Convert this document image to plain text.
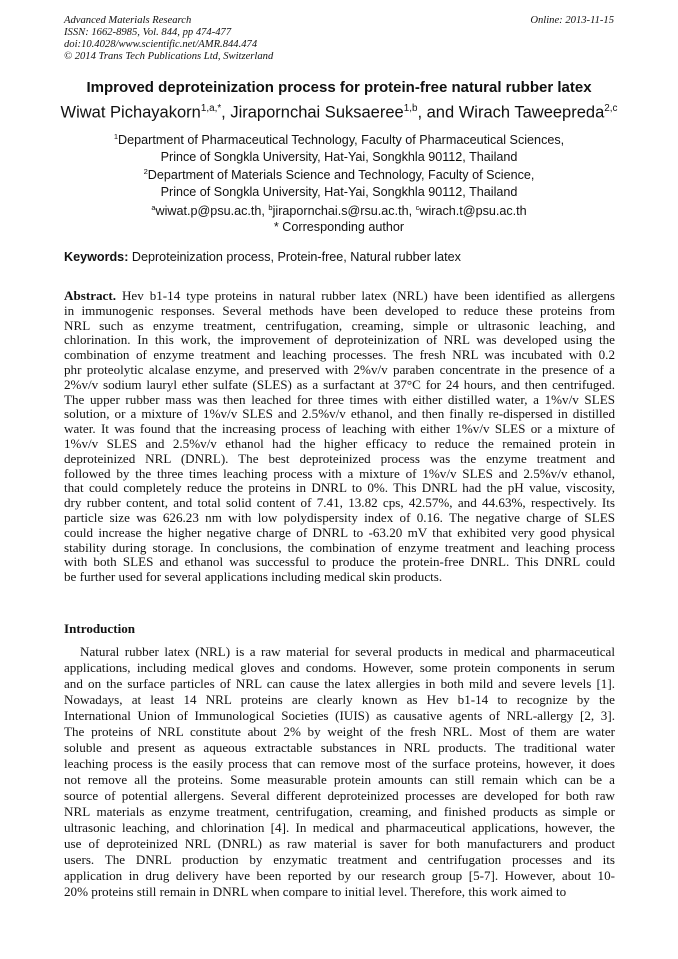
Advanced Materials Research
ISSN: 1662-8985, Vol. 844, pp 474-477
doi:10.4028/www.scientific.net/AMR.844.474
© 2014 Trans Tech Publications Ltd, Switzerland
Online: 2013-11-15
Improved deproteinization process for protein-free natural rubber latex
Wiwat Pichayakorn$^{1,a,*}$, Jirapornchai Suksaeree$^{1,b}$, and Wirach Taweepreda$^{2,c}$
$^1$Department of Pharmaceutical Technology, Faculty of Pharmaceutical Sciences,
Prince of Songkla University, Hat-Yai, Songkhla 90112, Thailand
$^2$Department of Materials Science and Technology, Faculty of Science,
Prince of Songkla University, Hat-Yai, Songkhla 90112, Thailand
$^a$wiwat.p@psu.ac.th, $^b$jirapornchai.s@rsu.ac.th, $^c$wirach.t@psu.ac.th
* Corresponding author
Keywords: Deproteinization process, Protein-free, Natural rubber latex
Abstract. Hev b1-14 type proteins in natural rubber latex (NRL) have been identified as allergens
in immunogenic responses. Several methods have been developed to reduce these proteins from
NRL such as enzyme treatment, centrifugation, creaming, simple or ultrasonic leaching, and
chlorination. In this work, the improvement of deproteinization of NRL was developed using the
combination of enzyme treatment and leaching processes. The fresh NRL was incubated with 0.2
phr proteolytic alcalase enzyme, and preserved with 2%v/v paraben concentrate in the presence of a
2%v/v sodium lauryl ether sulfate (SLES) as a surfactant at 37°C for 24 hours, and then centrifuged.
The upper rubber mass was then leached for three times with either distilled water, a 1%v/v SLES
solution, or a mixture of 1%v/v SLES and 2.5%v/v ethanol, and then finally re-dispersed in distilled
water. It was found that the increasing process of leaching with either 1%v/v SLES or a mixture of
1%v/v SLES and 2.5%v/v ethanol had the higher efficacy to reduce the remained protein in
deproteinized NRL (DNRL). The best deproteinized process was the enzyme treatment and
followed by the three times leaching process with a mixture of 1%v/v SLES and 2.5%v/v ethanol,
that could completely reduce the proteins in DNRL to 0%. This DNRL had the pH value, viscosity,
dry rubber content, and total solid content of 7.41, 13.82 cps, 42.57%, and 44.63%, respectively. Its
particle size was 626.23 nm with low polydispersity index of 0.16. The negative charge of SLES
could increase the higher negative charge of DNRL to -63.20 mV that exhibited very good physical
stability during storage. In conclusions, the combination of enzyme treatment and leaching process
with both SLES and ethanol was successful to produce the protein-free DNRL. This DNRL could
be further used for several applications including medical skin products.
Introduction
Natural rubber latex (NRL) is a raw material for several products in medical and pharmaceutical
applications, including medical gloves and condoms. However, some protein components in serum
and on the surface particles of NRL can cause the latex allergies in both mild and severe levels [1].
Nowadays, at least 14 NRL proteins are clearly known as Hev b1-14 to recognize by the
International Union of Immunological Societies (IUIS) as causative agents of NRL-allergy [2, 3].
The proteins of NRL constitute about 2% by weight of the fresh NRL. Most of them are water
soluble and present as aqueous extractable substances in NRL products. The traditional water
leaching process is the easily process that can remove most of the surface proteins, however, it does
not remove all the proteins. Some measurable protein amounts can still remain which can be a
source of potential allergens. Several different deproteinized processes are developed for both raw
NRL materials as enzyme treatment, centrifugation, creaming, and finished products as simple or
ultrasonic leaching, and chlorination [4]. In medical and pharmaceutical applications, however, the
use of deproteinized NRL (DNRL) as raw material is saver for both manufacturers and product
users. The DNRL production by enzymatic treatment and centrifugation processes and its
application in drug delivery have been reported by our research group [5-7]. However, about 10-
20% proteins still remain in DNRL when compare to initial level. Therefore, this work aimed to
